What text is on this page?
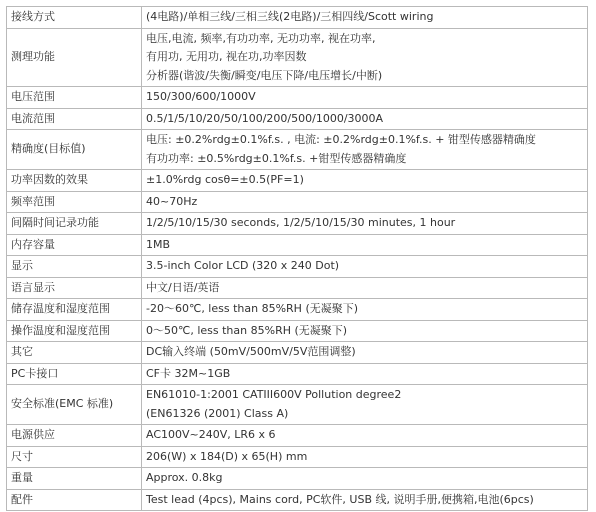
接线方式	(4电路)/单相三线/三相三线(2电路)/三相四线/Scott wiring

测理功能	电压,电流, 频率,有功功率, 无功功率, 视在功率,
有用功, 无用功, 视在功,功率因数
分析器(谐波/失衡/瞬变/电压下降/电压增长/中断)

电压范围	150/300/600/1000V

电流范围	0.5/1/5/10/20/50/100/200/500/1000/3000A

精确度(目标值)	电压: ±0.2%rdg±0.1%f.s. , 电流: ±0.2%rdg±0.1%f.s. + 钳型传感器精确度
有功功率: ±0.5%rdg±0.1%f.s. +钳型传感器精确度

功率因数的效果	±1.0%rdg cosθ=±0.5(PF=1)

频率范围	40~70Hz

间隔时间记录功能	1/2/5/10/15/30 seconds, 1/2/5/10/15/30 minutes, 1 hour

内存容量	1MB

显示	3.5-inch Color LCD (320 x 240 Dot)

语言显示	中文/日语/英语

储存温度和湿度范围	-20～60℃, less than 85%RH (无凝聚下)

操作温度和湿度范围	0～50℃, less than 85%RH (无凝聚下)

其它	DC输入终端 (50mV/500mV/5V范围调整)

PC卡接口	CF卡 32M~1GB

安全标准(EMC 标准)	EN61010-1:2001 CATIII600V Pollution degree2
(EN61326 (2001) Class A)

电源供应	AC100V~240V, LR6 x 6

尺寸	206(W) x 184(D) x 65(H) mm

重量	Approx. 0.8kg

配件	Test lead (4pcs), Mains cord, PC软件, USB 线, 说明手册,便携箱,电池(6pcs)
